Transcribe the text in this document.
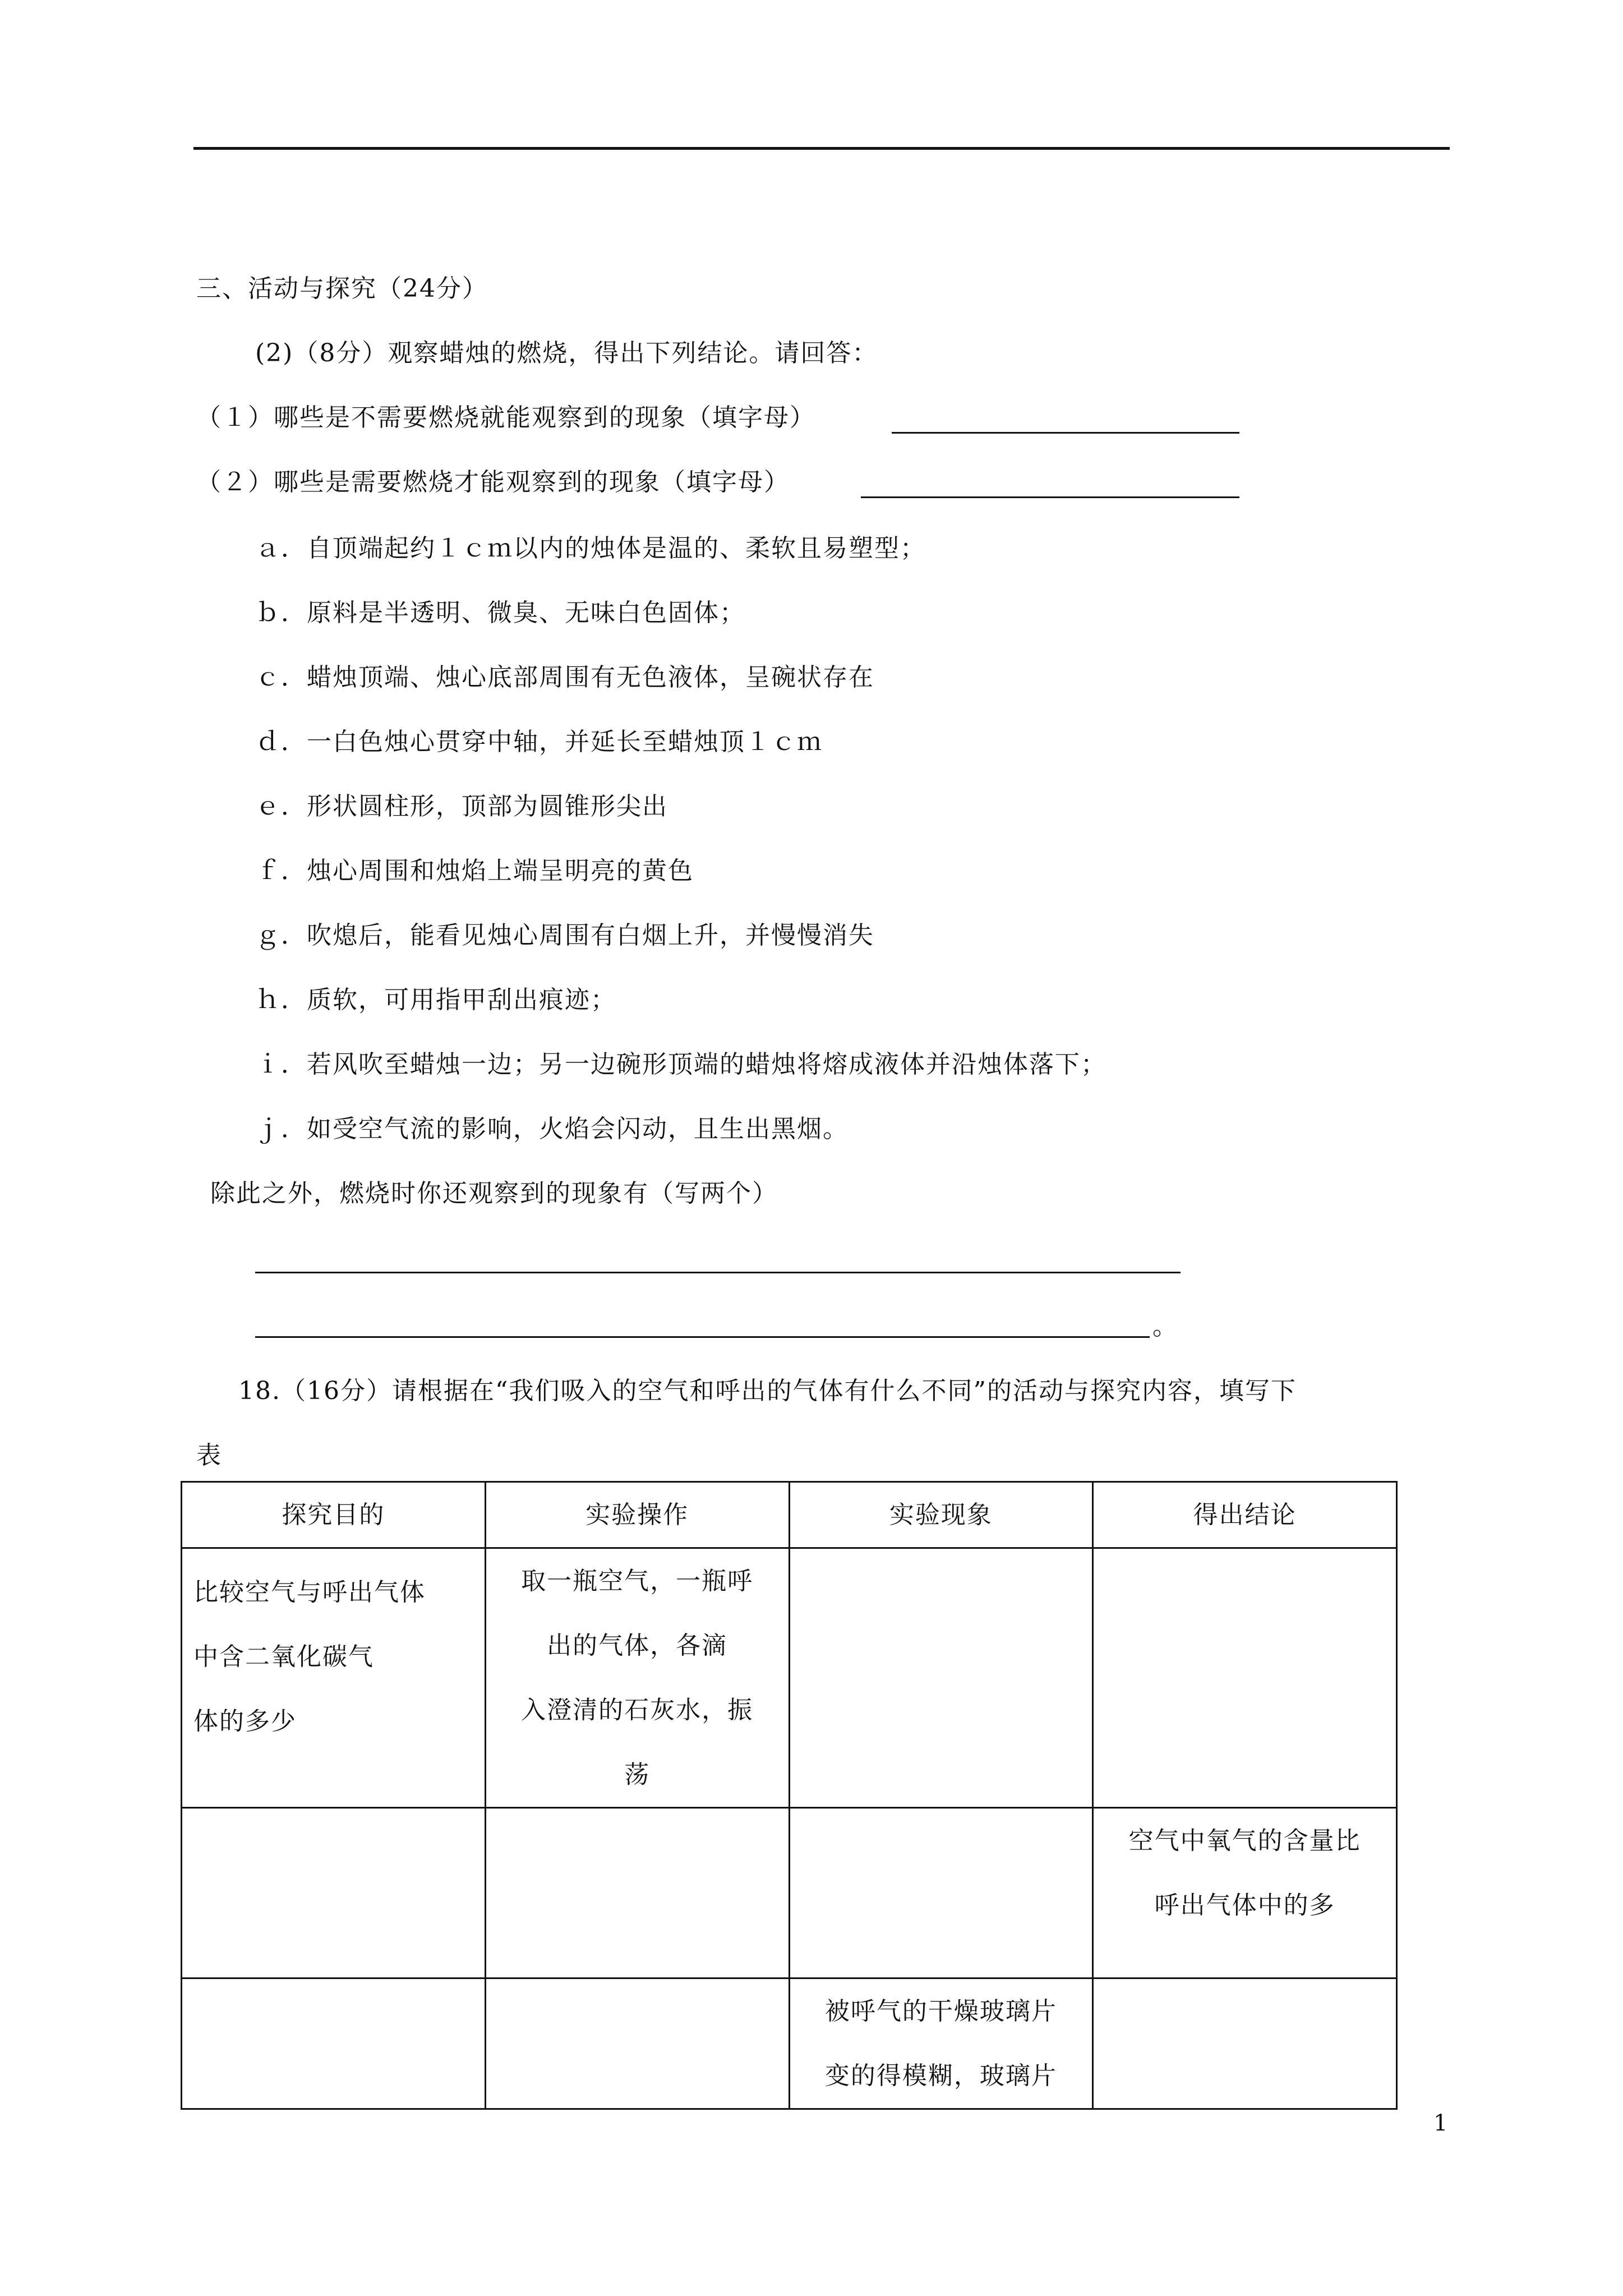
三、活动与探究（24分）
(2)（8分）观察蜡烛的燃烧，得出下列结论。请回答：
（１）哪些是不需要燃烧就能观察到的现象（填字母）
（２）哪些是需要燃烧才能观察到的现象（填字母）
ａ．自顶端起约１ｃｍ以内的烛体是温的、柔软且易塑型；
ｂ．原料是半透明、微臭、无味白色固体；
ｃ．蜡烛顶端、烛心底部周围有无色液体，呈碗状存在
ｄ．一白色烛心贯穿中轴，并延长至蜡烛顶１ｃｍ
ｅ．形状圆柱形，顶部为圆锥形尖出
ｆ．烛心周围和烛焰上端呈明亮的黄色
ｇ．吹熄后，能看见烛心周围有白烟上升，并慢慢消失
ｈ．质软，可用指甲刮出痕迹；
ｉ．若风吹至蜡烛一边；另一边碗形顶端的蜡烛将熔成液体并沿烛体落下；
ｊ．如受空气流的影响，火焰会闪动，且生出黑烟。
除此之外，燃烧时你还观察到的现象有（写两个）
。
18.（16分）请根据在“我们吸入的空气和呼出的气体有什么不同”的活动与探究内容，填写下
表
探究目的	实验操作	实验现象	得出结论

比较空气与呼出气体
中含二氧化碳气
体的多少	取一瓶空气，一瓶呼
出的气体，各滴
入澄清的石灰水，振
荡		

			空气中氧气的含量比
呼出气体中的多

		被呼气的干燥玻璃片
变的得模糊，玻璃片	

1
